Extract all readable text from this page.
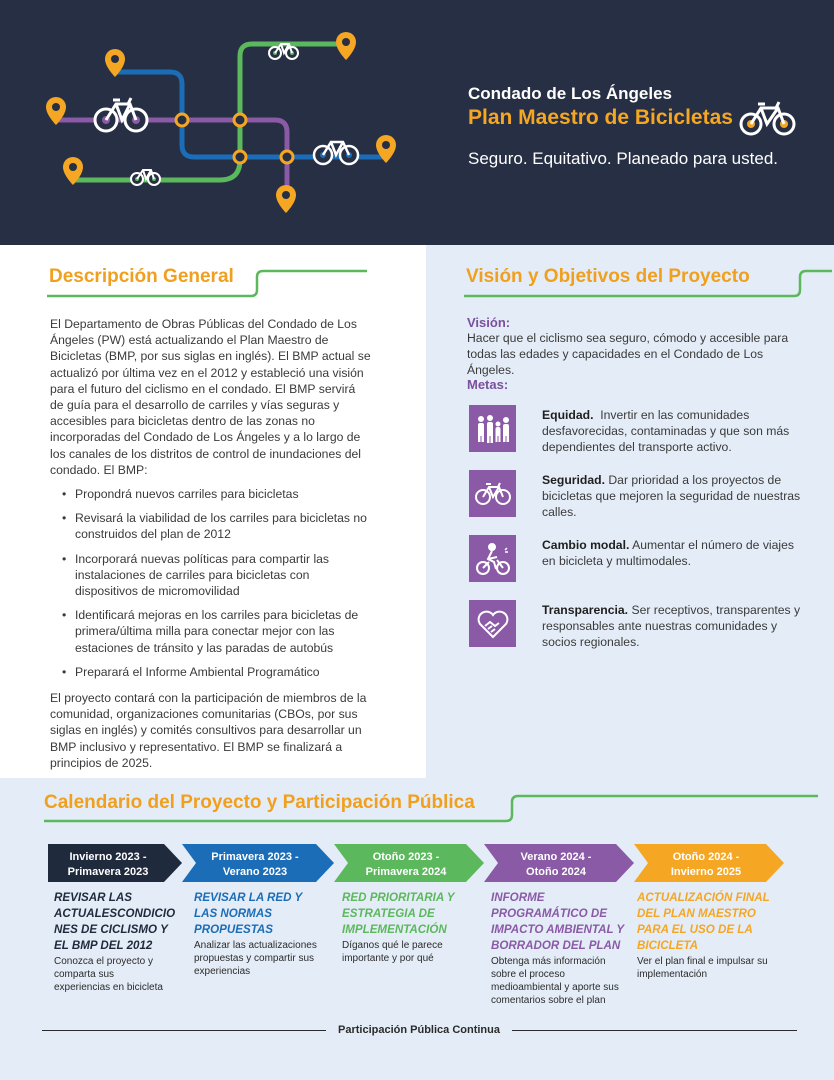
Condado de Los Ángeles
Plan Maestro de Bicicletas
Seguro. Equitativo. Planeado para usted.
Descripción General
El Departamento de Obras Públicas del Condado de Los Ángeles (PW) está actualizando el Plan Maestro de Bicicletas (BMP, por sus siglas en inglés). El BMP actual se actualizó por última vez en el 2012 y estableció una visión para el futuro del ciclismo en el condado. El BMP servirá de guía para el desarrollo de carriles y vías seguras y accesibles para bicicletas dentro de las zonas no incorporadas del Condado de Los Ángeles y a lo largo de los canales de los distritos de control de inundaciones del condado. El BMP:
• Propondrá nuevos carriles para bicicletas
• Revisará la viabilidad de los carriles para bicicletas no construidos del plan de 2012
• Incorporará nuevas políticas para compartir las instalaciones de carriles para bicicletas con dispositivos de micromovilidad
• Identificará mejoras en los carriles para bicicletas de primera/última milla para conectar mejor con las estaciones de tránsito y las paradas de autobús
• Preparará el Informe Ambiental Programático
El proyecto contará con la participación de miembros de la comunidad, organizaciones comunitarias (CBOs, por sus siglas en inglés) y comités consultivos para desarrollar un BMP inclusivo y representativo. El BMP se finalizará a principios de 2025.
Visión y Objetivos del Proyecto
Visión:
Hacer que el ciclismo sea seguro, cómodo y accesible para todas las edades y capacidades en el Condado de Los Ángeles.
Metas:
Equidad. Invertir en las comunidades desfavorecidas, contaminadas y que son más dependientes del transporte activo.
Seguridad. Dar prioridad a los proyectos de bicicletas que mejoren la seguridad de nuestras calles.
Cambio modal. Aumentar el número de viajes en bicicleta y multimodales.
Transparencia. Ser receptivos, transparentes y responsables ante nuestras comunidades y socios regionales.
Calendario del Proyecto y Participación Pública
Invierno 2023 -
Primavera 2023
Primavera 2023 -
Verano 2023
Otoño 2023 -
Primavera 2024
Verano 2024 -
Otoño 2024
Otoño 2024 -
Invierno 2025
REVISAR LAS ACTUALESCONDICIO NES DE CICLISMO Y EL BMP DEL 2012
Conozca el proyecto y comparta sus experiencias en bicicleta
REVISAR LA RED Y LAS NORMAS PROPUESTAS
Analizar las actualizaciones propuestas y compartir sus experiencias
RED PRIORITARIA Y ESTRATEGIA DE IMPLEMENTACIÓN
Díganos qué le parece importante y por qué
INFORME PROGRAMÁTICO DE IMPACTO AMBIENTAL Y BORRADOR DEL PLAN
Obtenga más información sobre el proceso medioambiental y aporte sus comentarios sobre el plan
ACTUALIZACIÓN FINAL DEL PLAN MAESTRO PARA EL USO DE LA BICICLETA
Ver el plan final e impulsar su implementación
Participación Pública Continua
